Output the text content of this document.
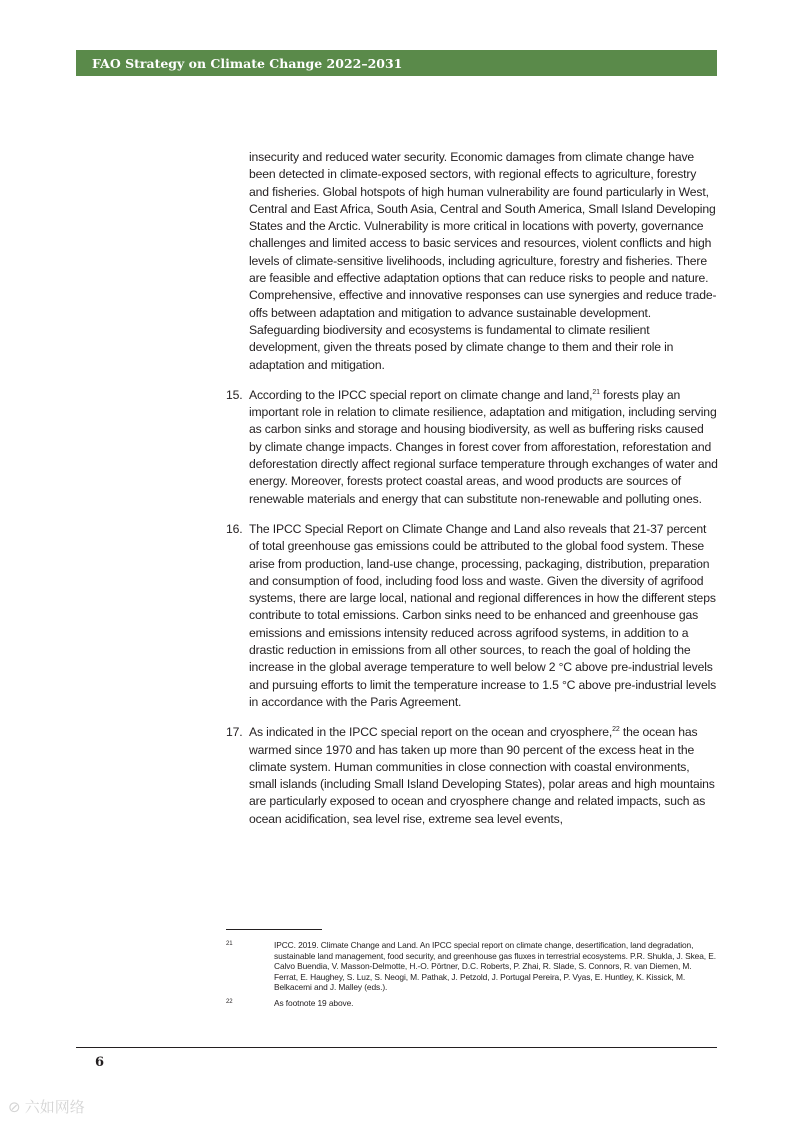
FAO Strategy on Climate Change 2022–2031

insecurity and reduced water security. Economic damages from climate change have been detected in climate-exposed sectors, with regional effects to agriculture, forestry and fisheries. Global hotspots of high human vulnerability are found particularly in West, Central and East Africa, South Asia, Central and South America, Small Island Developing States and the Arctic. Vulnerability is more critical in locations with poverty, governance challenges and limited access to basic services and resources, violent conflicts and high levels of climate-sensitive livelihoods, including agriculture, forestry and fisheries. There are feasible and effective adaptation options that can reduce risks to people and nature. Comprehensive, effective and innovative responses can use synergies and reduce trade-offs between adaptation and mitigation to advance sustainable development. Safeguarding biodiversity and ecosystems is fundamental to climate resilient development, given the threats posed by climate change to them and their role in adaptation and mitigation.

15. According to the IPCC special report on climate change and land,$^{21}$ forests play an important role in relation to climate resilience, adaptation and mitigation, including serving as carbon sinks and storage and housing biodiversity, as well as buffering risks caused by climate change impacts. Changes in forest cover from afforestation, reforestation and deforestation directly affect regional surface temperature through exchanges of water and energy. Moreover, forests protect coastal areas, and wood products are sources of renewable materials and energy that can substitute non-renewable and polluting ones.
16. The IPCC Special Report on Climate Change and Land also reveals that 21-37 percent of total greenhouse gas emissions could be attributed to the global food system. These arise from production, land-use change, processing, packaging, distribution, preparation and consumption of food, including food loss and waste. Given the diversity of agrifood systems, there are large local, national and regional differences in how the different steps contribute to total emissions. Carbon sinks need to be enhanced and greenhouse gas emissions and emissions intensity reduced across agrifood systems, in addition to a drastic reduction in emissions from all other sources, to reach the goal of holding the increase in the global average temperature to well below 2 °C above pre-industrial levels and pursuing efforts to limit the temperature increase to 1.5 °C above pre-industrial levels in accordance with the Paris Agreement.
17. As indicated in the IPCC special report on the ocean and cryosphere,$^{22}$ the ocean has warmed since 1970 and has taken up more than 90 percent of the excess heat in the climate system. Human communities in close connection with coastal environments, small islands (including Small Island Developing States), polar areas and high mountains are particularly exposed to ocean and cryosphere change and related impacts, such as ocean acidification, sea level rise, extreme sea level events,
21	IPCC. 2019. Climate Change and Land. An IPCC special report on climate change, desertification, land degradation, sustainable land management, food security, and greenhouse gas fluxes in terrestrial ecosystems. P.R. Shukla, J. Skea, E. Calvo Buendia, V. Masson-Delmotte, H.-O. Pörtner, D.C. Roberts, P. Zhai, R. Slade, S. Connors, R. van Diemen, M. Ferrat, E. Haughey, S. Luz, S. Neogi, M. Pathak, J. Petzold, J. Portugal Pereira, P. Vyas, E. Huntley, K. Kissick, M. Belkacemi and J. Malley (eds.).
22	As footnote 19 above.
6
⊘ 六如网络
